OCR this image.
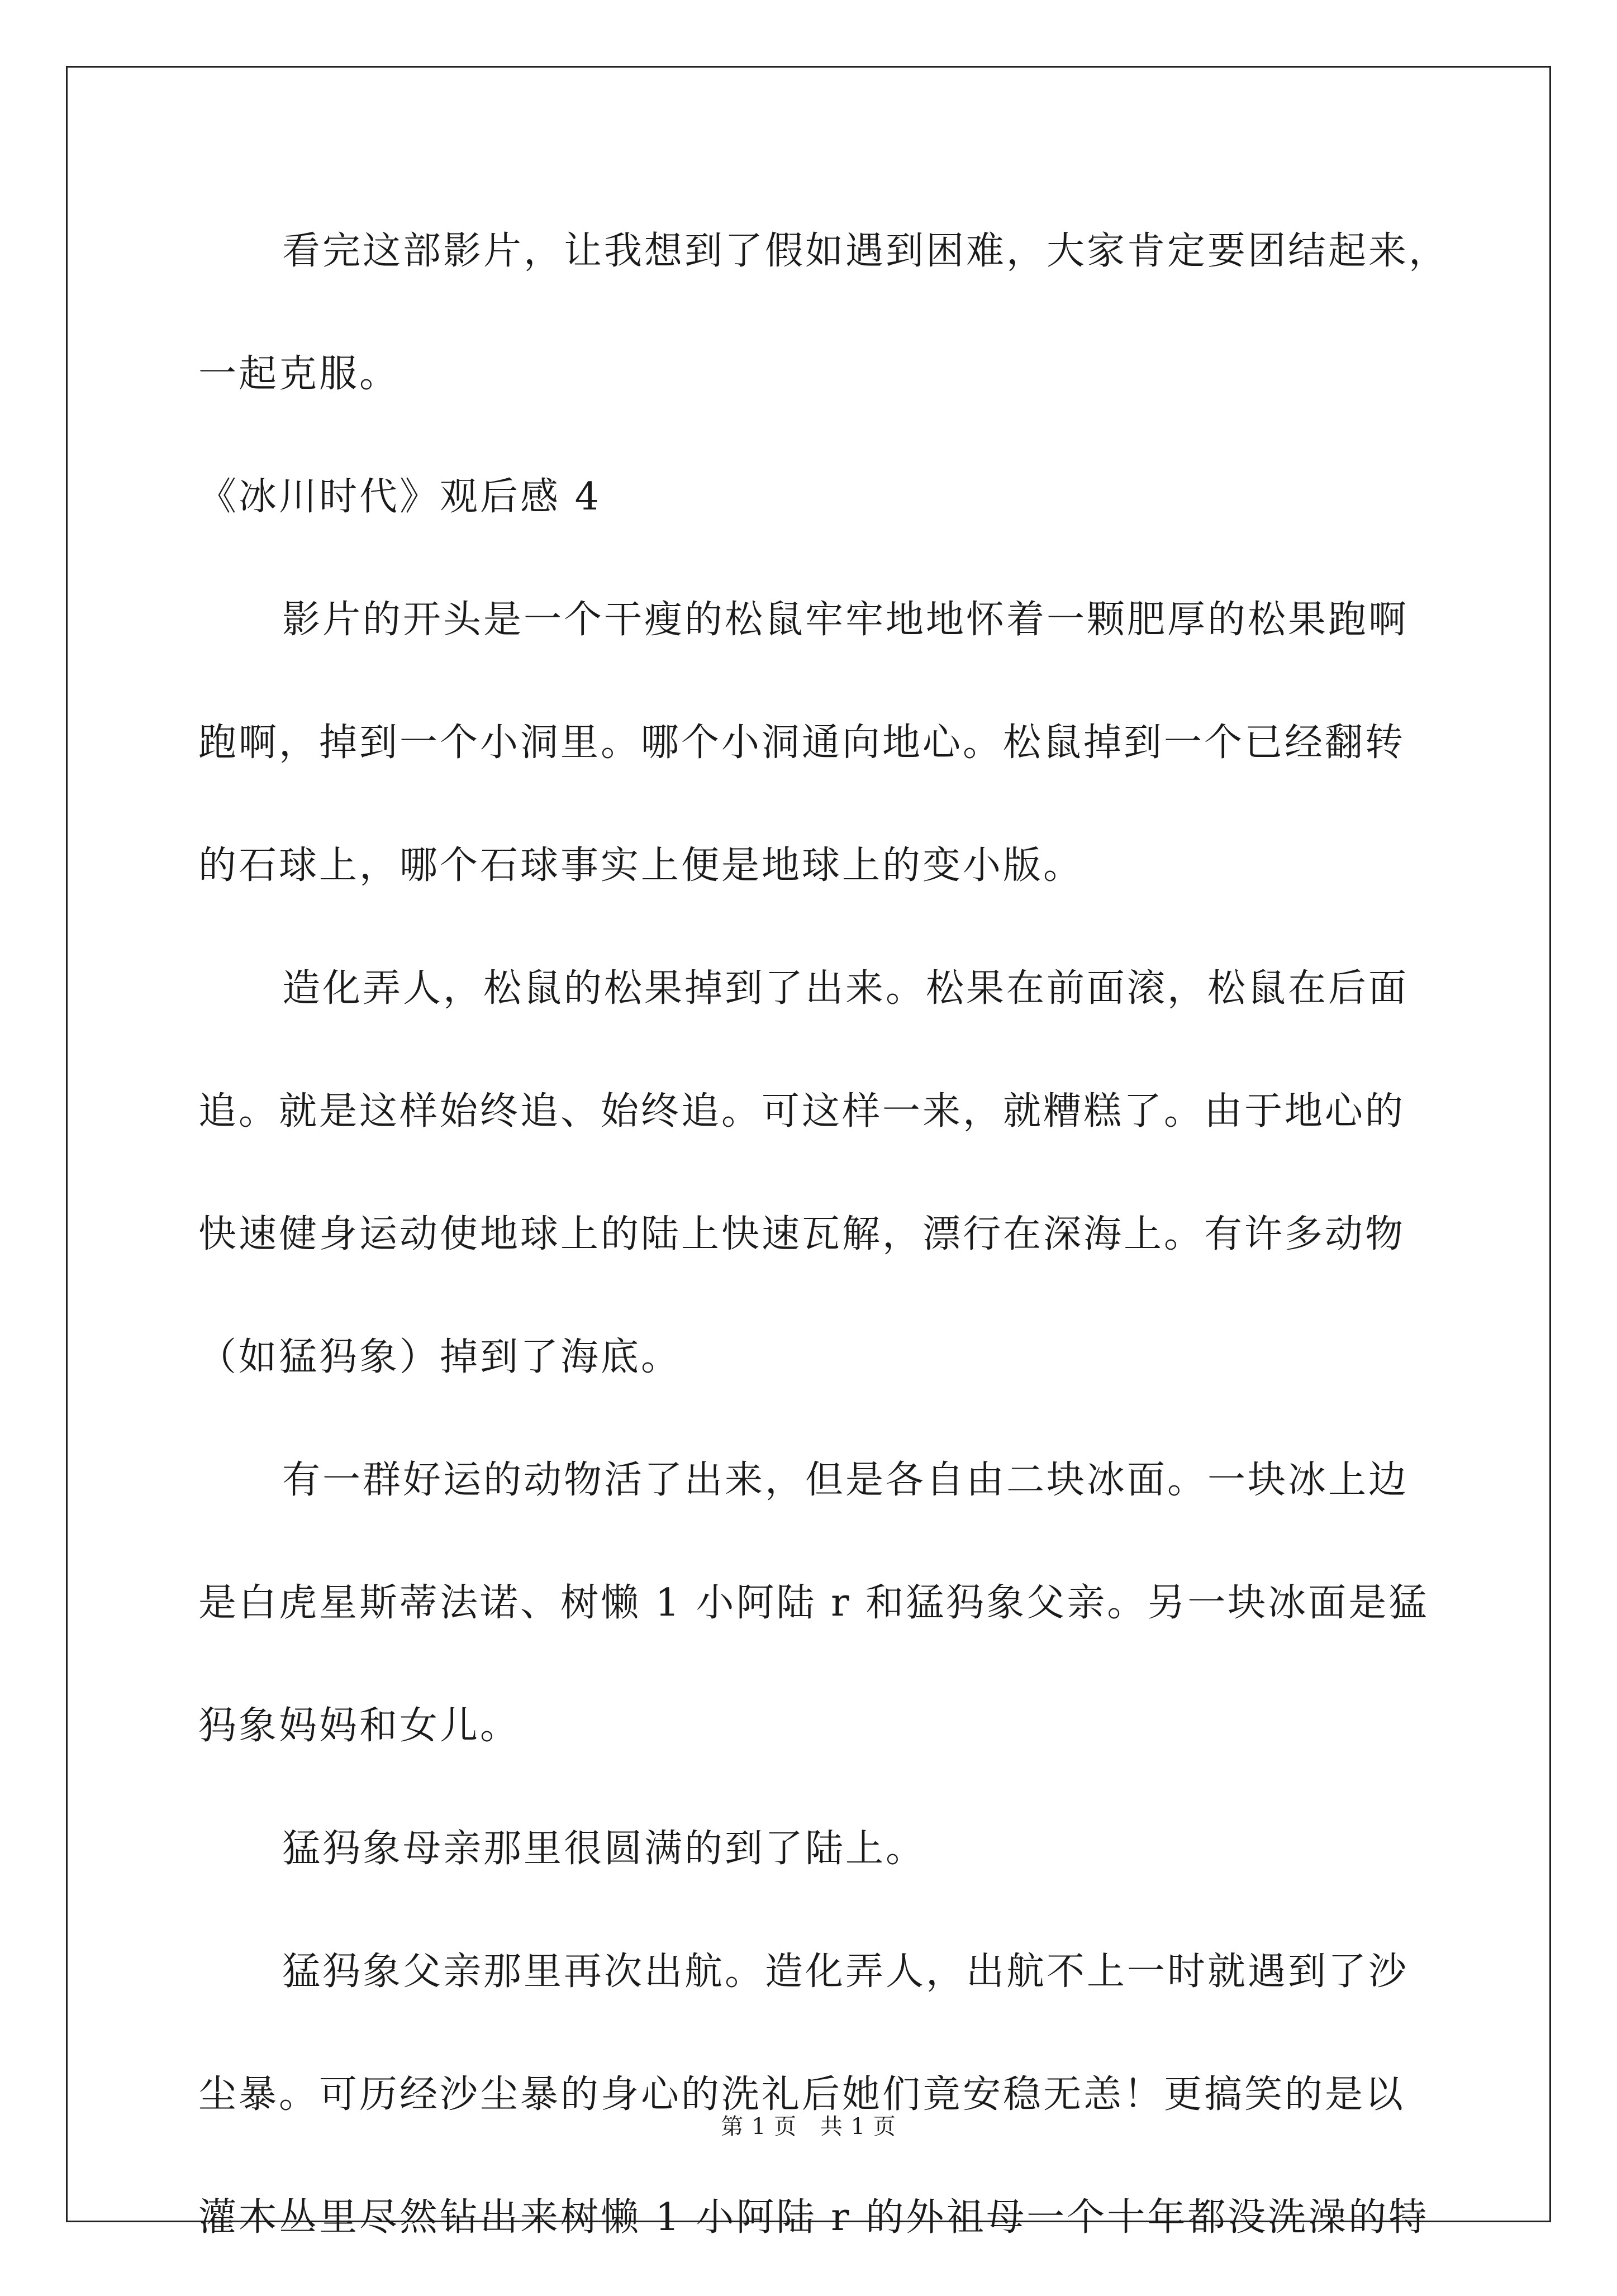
看完这部影片，让我想到了假如遇到困难，大家肯定要团结起来，

一起克服。

《冰川时代》观后感 4

影片的开头是一个干瘦的松鼠牢牢地地怀着一颗肥厚的松果跑啊

跑啊，掉到一个小洞里。哪个小洞通向地心。松鼠掉到一个已经翻转

的石球上，哪个石球事实上便是地球上的变小版。

造化弄人，松鼠的松果掉到了出来。松果在前面滚，松鼠在后面

追。就是这样始终追、始终追。可这样一来，就糟糕了。由于地心的

快速健身运动使地球上的陆上快速瓦解，漂行在深海上。有许多动物

（如猛犸象）掉到了海底。

有一群好运的动物活了出来，但是各自由二块冰面。一块冰上边

是白虎星斯蒂法诺、树懒 1 小阿陆 r 和猛犸象父亲。另一块冰面是猛

犸象妈妈和女儿。

猛犸象母亲那里很圆满的到了陆上。

猛犸象父亲那里再次出航。造化弄人，出航不上一时就遇到了沙

尘暴。可历经沙尘暴的身心的洗礼后她们竟安稳无恙！更搞笑的是以

灌木丛里尽然钻出来树懒 1 小阿陆 r 的外祖母一个十年都没洗澡的特

第 1 页 共 1 页
